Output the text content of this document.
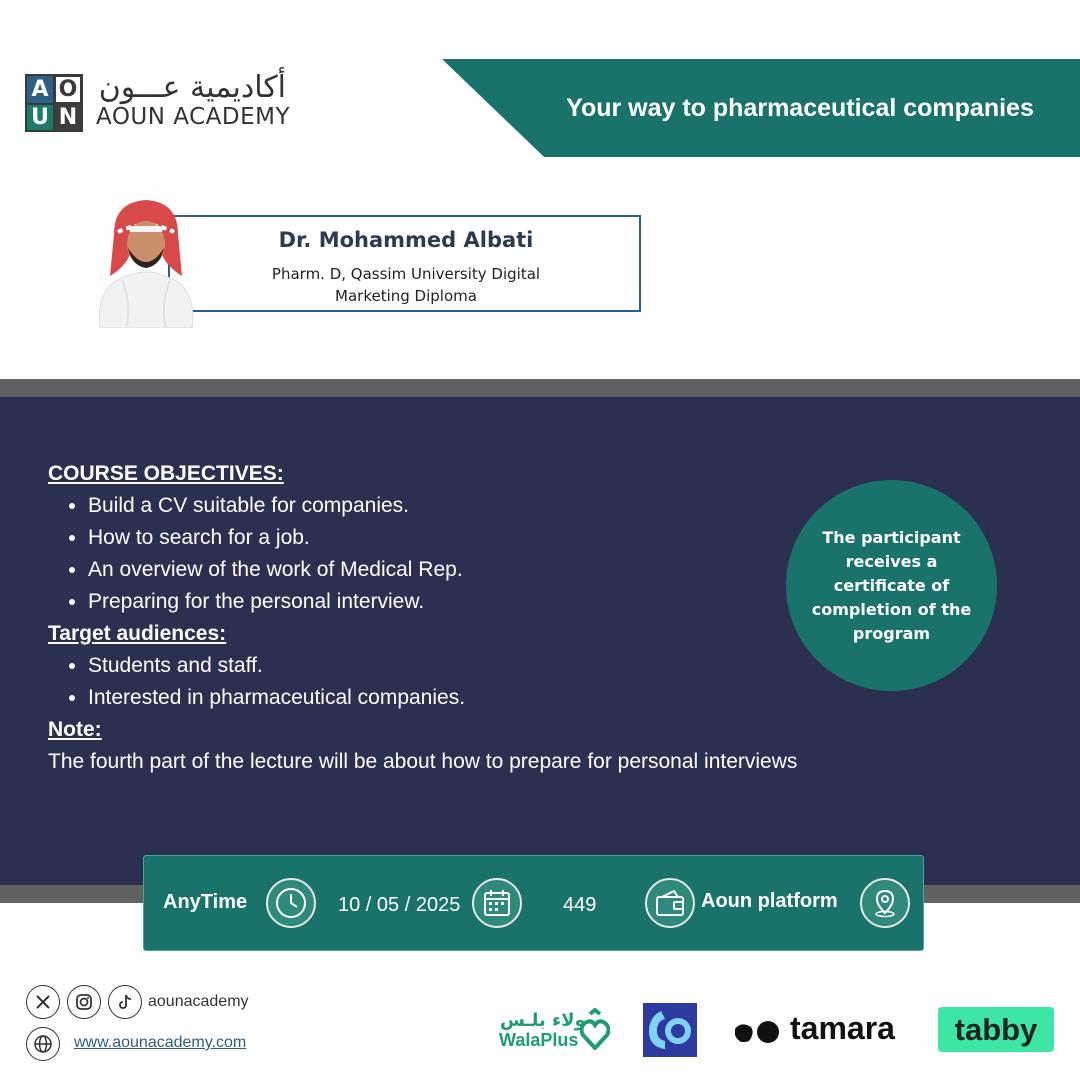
A O
U N
أكاديمية عـــون
AOUN ACADEMY	Your way to pharmaceutical companies
Dr. Mohammed Albati
Pharm. D, Qassim University Digital
Marketing Diploma
COURSE OBJECTIVES:
• Build a CV suitable for companies.
• How to search for a job.
• An overview of the work of Medical Rep.
• Preparing for the personal interview.
Target audiences:
• Students and staff.
• Interested in pharmaceutical companies.
Note:

The fourth part of the lecture will be about how to prepare for personal interviews

The participant receives a certificate of completion of the program
AnyTime	10 / 05 / 2025	449	Aoun platform
aounacademy
www.aounacademy.com
ولاء بلـس
WalaPlus	tamara tabby
